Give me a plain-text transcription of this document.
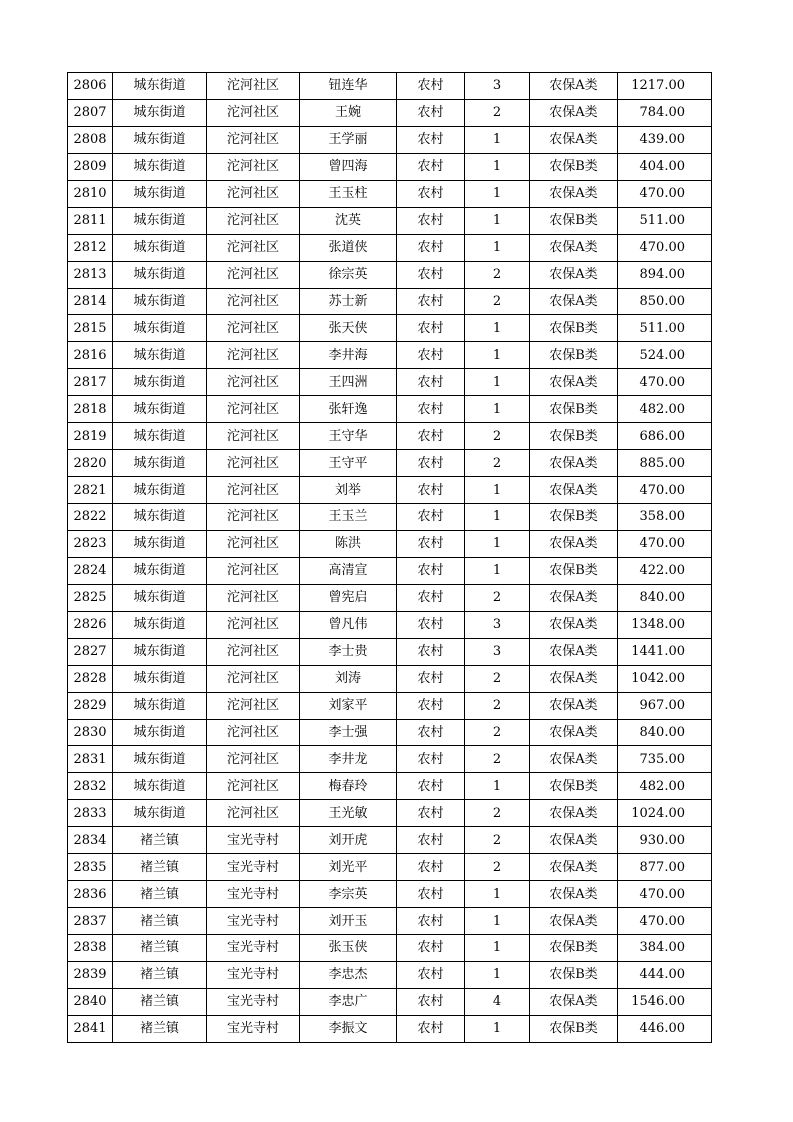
2806	城东街道	沱河社区	钮连华	农村	3	农保A类	1217.00
2807	城东街道	沱河社区	王婉	农村	2	农保A类	784.00
2808	城东街道	沱河社区	王学丽	农村	1	农保A类	439.00
2809	城东街道	沱河社区	曾四海	农村	1	农保B类	404.00
2810	城东街道	沱河社区	王玉柱	农村	1	农保A类	470.00
2811	城东街道	沱河社区	沈英	农村	1	农保B类	511.00
2812	城东街道	沱河社区	张道侠	农村	1	农保A类	470.00
2813	城东街道	沱河社区	徐宗英	农村	2	农保A类	894.00
2814	城东街道	沱河社区	苏士新	农村	2	农保A类	850.00
2815	城东街道	沱河社区	张天侠	农村	1	农保B类	511.00
2816	城东街道	沱河社区	李井海	农村	1	农保B类	524.00
2817	城东街道	沱河社区	王四洲	农村	1	农保A类	470.00
2818	城东街道	沱河社区	张轩逸	农村	1	农保B类	482.00
2819	城东街道	沱河社区	王守华	农村	2	农保B类	686.00
2820	城东街道	沱河社区	王守平	农村	2	农保A类	885.00
2821	城东街道	沱河社区	刘举	农村	1	农保A类	470.00
2822	城东街道	沱河社区	王玉兰	农村	1	农保B类	358.00
2823	城东街道	沱河社区	陈洪	农村	1	农保A类	470.00
2824	城东街道	沱河社区	高清宣	农村	1	农保B类	422.00
2825	城东街道	沱河社区	曾宪启	农村	2	农保A类	840.00
2826	城东街道	沱河社区	曾凡伟	农村	3	农保A类	1348.00
2827	城东街道	沱河社区	李士贵	农村	3	农保A类	1441.00
2828	城东街道	沱河社区	刘涛	农村	2	农保A类	1042.00
2829	城东街道	沱河社区	刘家平	农村	2	农保A类	967.00
2830	城东街道	沱河社区	李士强	农村	2	农保A类	840.00
2831	城东街道	沱河社区	李井龙	农村	2	农保A类	735.00
2832	城东街道	沱河社区	梅春玲	农村	1	农保B类	482.00
2833	城东街道	沱河社区	王光敏	农村	2	农保A类	1024.00
2834	褚兰镇	宝光寺村	刘开虎	农村	2	农保A类	930.00
2835	褚兰镇	宝光寺村	刘光平	农村	2	农保A类	877.00
2836	褚兰镇	宝光寺村	李宗英	农村	1	农保A类	470.00
2837	褚兰镇	宝光寺村	刘开玉	农村	1	农保A类	470.00
2838	褚兰镇	宝光寺村	张玉侠	农村	1	农保B类	384.00
2839	褚兰镇	宝光寺村	李忠杰	农村	1	农保B类	444.00
2840	褚兰镇	宝光寺村	李忠广	农村	4	农保A类	1546.00
2841	褚兰镇	宝光寺村	李振文	农村	1	农保B类	446.00
